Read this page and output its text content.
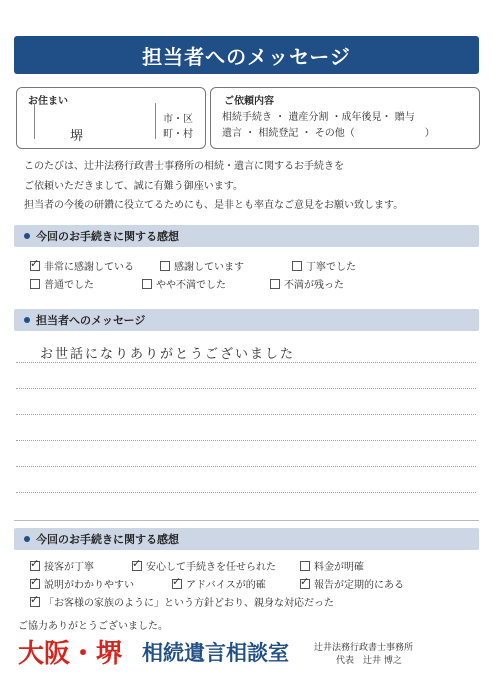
担当者へのメッセージ
お住まい	ご依頼内容
堺
市・区
町・村
相続手続き ・ 遺産分割 ・成年後見・ 贈与
遺言 ・ 相続登記 ・ その他（　　　　　　　）
このたびは、辻井法務行政書士事務所の相続・遺言に関するお手続きを
ご依頼いただきまして、誠に有難う御座います。
担当者の今後の研鑽に役立てるためにも、是非とも率直なご意見をお願い致します。
今回のお手続きに関する感想
✓非常に感謝している	感謝しています	丁寧でした
普通でした	やや不満でした	不満が残った
担当者へのメッセージ
お世話になりありがとうございました
今回のお手続きに関する感想
✓接客が丁寧 ✓	安心して手続きを任せられた	料金が明確
✓説明がわかりやすい ✓	アドバイスが的確 ✓	報告が定期的にある
✓「お客様の家族のように」という方針どおり、親身な対応だった
ご協力ありがとうございました。
大阪・堺 相続遺言相談室	辻井法務行政書士事務所
代表　辻井 博之
